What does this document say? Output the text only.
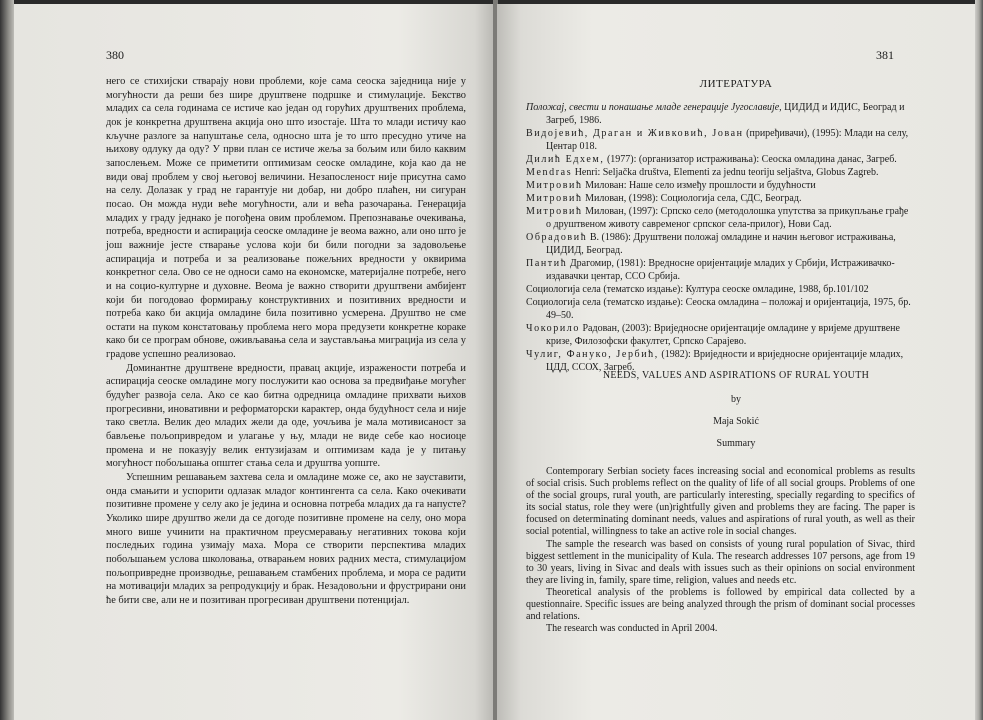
380

него се стихијски стварају нови проблеми, које сама сеоска заједница није у могућности да реши без шире друштвене подршке и стимулације. Бекство младих са села годинама се истиче као један од горућих друштвених проблема, док је конкретна друштвена акција оно што изостаје. Шта то млади истичу као кључне разлоге за напуштање села, односно шта је то што пресудно утиче на њихову одлуку да оду? У први план се истиче жеља за бољим или било каквим запослењем. Може се приметити оптимизам сеоске омладине, која као да не види овај проблем у свој његовој величини. Незапосленост није присутна само на селу. Долазак у град не гарантује ни добар, ни добро плаћен, ни сигуран посао. Он можда нуди веће могућности, али и већа разочарања. Генерација младих у граду једнако је погођена овим проблемом. Препознавање очекивања, потреба, вредности и аспирација сеоске омладине је веома важно, али оно што је још важније јесте стварање услова који би били погодни за задовољење аспирација и потреба и за реализовање пожељних вредности у оквирима конкретног села. Ово се не односи само на економске, материјалне потребе, него и на социо-културне и духовне. Веома је важно створити друштвени амбијент који би погодовао формирању конструктивних и позитивних вредности и потреба како би акција омладине била позитивно усмерена. Друштво не сме остати на пуком констатовању проблема него мора предузети конкретне кораке како би се програм обнове, оживљавања села и заустављања миграција из села у градове успешно реализовао.

Доминантне друштвене вредности, правац акције, изражености потреба и аспирација сеоске омладине могу послужити као основа за предвиђање могућег будућег развоја села. Ако се као битна одредница омладине прихвати њихов прогресивни, иновативни и реформаторски карактер, онда будућност села и није тако светла. Велик део младих жели да оде, уочљива је мала мотивисаност за бављење пољопривредом и улагање у њу, млади не виде себе као носиоце промена и не показују велик ентузијазам и оптимизам када је у питању могућност побољшања општег стања села и друштва уопште.

Успешним решавањем захтева села и омладине може се, ако не зауставити, онда смањити и успорити одлазак младог контингента са села. Како очекивати позитивне промене у селу ако је једина и основна потреба младих да га напусте? Уколико шире друштво жели да се догоде позитивне промене на селу, оно мора много више учинити на практичном преусмеравању негативних токова који последњих година узимају маха. Мора се створити перспектива младих побољшањем услова школовања, отварањем нових радних места, стимулацијом пољопривредне производње, решавањем стамбених проблема, и мора се радити на мотивацији младих за репродукцију и брак. Незадовољни и фрустрирани они ће бити све, али не и позитиван прогресиван друштвени потенцијал.

381
ЛИТЕРАТУРА
Положај, свести и понашање младе генерације Југославије, ЦИДИД и ИДИС, Београд и Загреб, 1986.
Видојевић, Драган и Живковић, Јован (приређивачи), (1995): Млади на селу, Центар 018.
Дилић Едхем, (1977): (организатор истраживања): Сеоска омладина данас, Загреб.
Mendras Henri: Seljačka društva, Elementi za jednu teoriju seljaštva, Globus Zagreb.
Митровић Милован: Наше село између прошлости и будућности
Митровић Милован, (1998): Социологија села, СДС, Београд.
Митровић Милован, (1997): Српско село (методолошка упутства за прикупљање грађе о друштвеном животу савременог српског села-прилог), Нови Сад.
Обрадовић В. (1986): Друштвени положај омладине и начин његовог истраживања, ЦИДИД, Београд.
Пантић Драгомир, (1981): Вредносне оријентације младих у Србији, Истраживачко-издавачки центар, ССО Србија.
Социологија села (тематско издање): Култура сеоске омладине, 1988, бр.101/102
Социологија села (тематско издање): Сеоска омладина – положај и оријентација, 1975, бр. 49–50.
Чокорило Радован, (2003): Вриједносне оријентације омладине у вријеме друштвене кризе, Филозофски факултет, Српско Сарајево.
Чулиг, Фануко, Јербић, (1982): Вриједности и вриједносне оријентације младих, ЦДД, ССОХ, Загреб.
NEEDS, VALUES AND ASPIRATIONS OF RURAL YOUTH
by
Maja Sokić
Summary

Contemporary Serbian society faces increasing social and economical problems as results of social crisis. Such problems reflect on the quality of life of all social groups. Problems of one of the social groups, rural youth, are particularly interesting, specially regarding to specifics of its social status, role they were (un)rightfully given and problems they are facing. The paper is focused on determinating dominant needs, values and aspirations of rural youth, as well as their social potential, willingness to take an active role in social changes.

The sample the research was based on consists of young rural population of Sivac, third biggest settlement in the municipality of Kula. The research addresses 107 persons, age from 19 to 30 years, living in Sivac and deals with issues such as their opinions on social environment they are living in, family, spare time, religion, values and needs etc.

Theoretical analysis of the problems is followed by empirical data collected by a questionnaire. Specific issues are being analyzed through the prism of dominant social processes and relations.

The research was conducted in April 2004.
